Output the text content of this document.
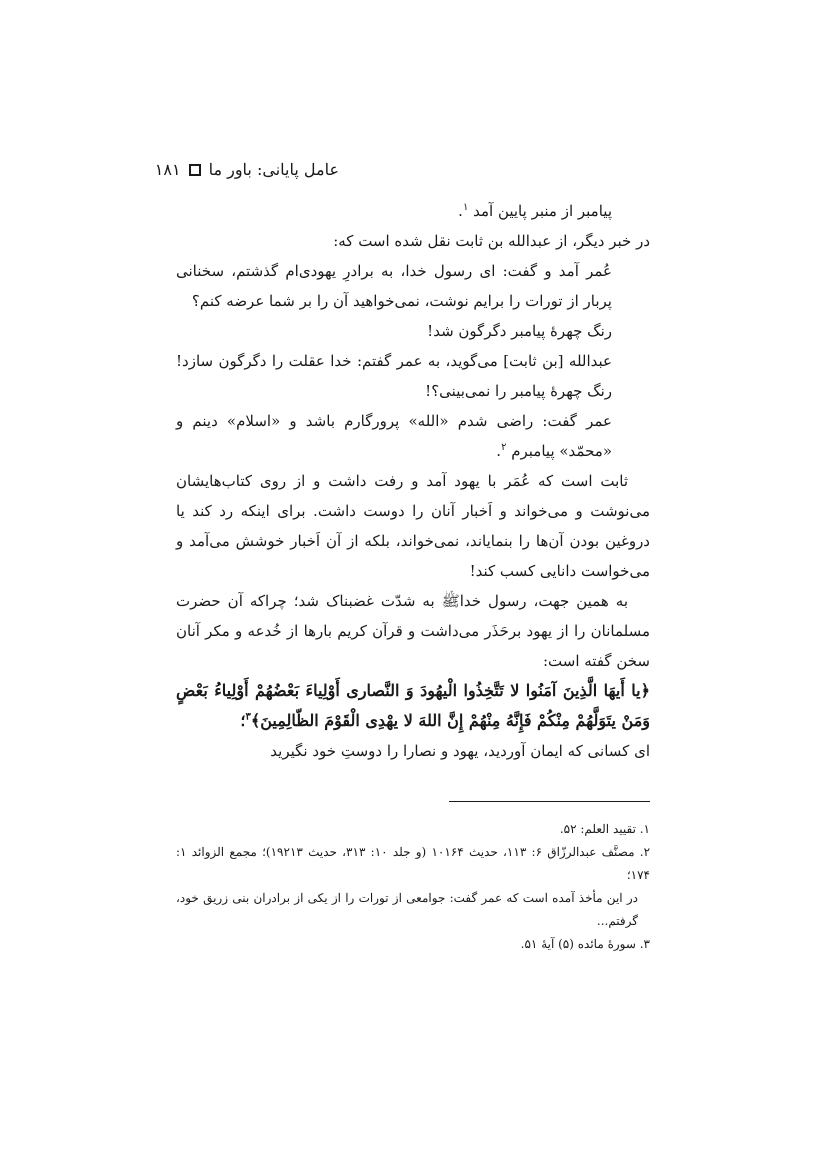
عامل پایانی: باور ما
۱۸۱

پیامبر از منبر پایین آمد $^۱$.

در خبر دیگر، از عبدالله بن ثابت نقل شده است که:

عُمر آمد و گفت: ای رسول خدا، به برادرِ یهودی‌ام گذشتم، سخنانی پربار از تورات را برایم نوشت، نمی‌خواهید آن را بر شما عرضه کنم؟

رنگ چهرهٔ پیامبر دگرگون شد!

عبدالله [بن ثابت] می‌گوید، به عمر گفتم: خدا عقلت را دگرگون سازد! رنگ چهرهٔ پیامبر را نمی‌بینی؟!

عمر گفت: راضی شدم «الله» پرورگارم باشد و «اسلام» دینم و «محمّد» پیامبرم $^۲$.

ثابت است که عُمَر با یهود آمد و رفت داشت و از روی کتاب‌هایشان می‌نوشت و می‌خواند و اَخبار آنان را دوست داشت. برای اینکه رد کند یا دروغین بودن آن‌ها را بنمایاند، نمی‌خواند، بلکه از آن اَخبار خوشش می‌آمد و می‌خواست دانایی کسب کند!

به همین جهت، رسول خداﷺ به شدّت غضبناک شد؛ چراکه آن حضرت مسلمانان را از یهود برحَذَر می‌داشت و قرآن کریم بارها از خُدعه و مکر آنان سخن گفته است:

﴿یا أَیهَا الَّذِینَ آمَنُوا لا تَتَّخِذُوا الْیهُودَ وَ النَّصارى أَوْلِیاءَ بَعْضُهُمْ أَوْلِیاءُ بَعْضٍ وَمَنْ یتَوَلَّهُمْ مِنْكُمْ فَإِنَّهُ مِنْهُمْ إِنَّ اللهَ لا یهْدِی الْقَوْمَ الظّالِمِینَ﴾$^۳$؛

ای کسانی که ایمان آوردید، یهود و نصارا را دوستِ خود نگیرید

۱. تقیید العلم: ۵۲.

۲. مصنَّف عبدالرزّاق ۶: ۱۱۳، حدیث ۱۰۱۶۴ (و جلد ۱۰: ۳۱۳، حدیث ۱۹۲۱۳)؛ مجمع الزوائد ۱: ۱۷۴؛

در این مأخذ آمده است که عمر گفت: جوامعی از تورات را از یکی از برادران بنی زریق خود، گرفتم...

۳. سورهٔ مائده (۵) آیهٔ ۵۱.
